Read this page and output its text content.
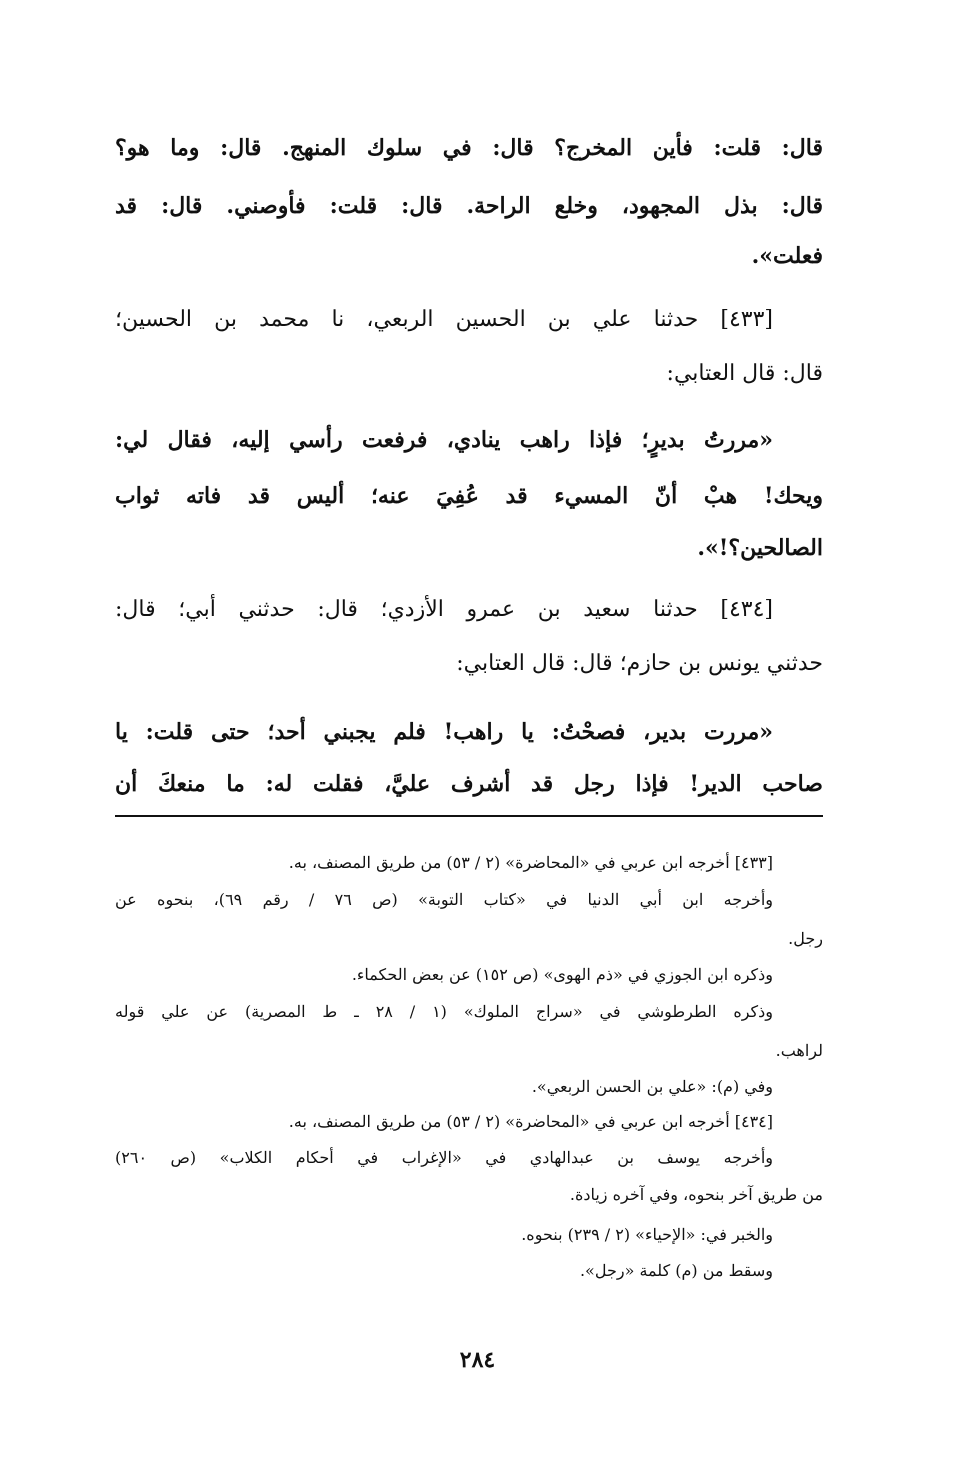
قال: قلت: فأين المخرج؟ قال: في سلوك المنهج. قال: وما هو؟
قال: بذل المجهود، وخلع الراحة. قال: قلت: فأوصني. قال: قد
فعلت».
[٤٣٣] حدثنا علي بن الحسين الربعي، نا محمد بن الحسين؛
قال: قال العتابي:
«مررتُ بديرٍ؛ فإذا راهب ينادي، فرفعت رأسي إليه، فقال لي:
ويحك! هبْ أنّ المسيء قد عُفِيَ عنه؛ أليس قد فاته ثواب
الصالحين؟!».
[٤٣٤] حدثنا سعيد بن عمرو الأزدي؛ قال: حدثني أبي؛ قال:
حدثني يونس بن حازم؛ قال: قال العتابي:
«مررت بدير، فصحْتُ: يا راهب! فلم يجبني أحد؛ حتى قلت: يا
صاحب الدير! فإذا رجل قد أشرف عليَّ، فقلت له: ما منعكَ أن
[٤٣٣] أخرجه ابن عربي في «المحاضرة» (٢ / ٥٣) من طريق المصنف، به.
وأخرجه ابن أبي الدنيا في «كتاب التوبة» (ص ٧٦ / رقم ٦٩)، بنحوه عن
رجل.
وذكره ابن الجوزي في «ذم الهوى» (ص ١٥٢) عن بعض الحكماء.
وذكره الطرطوشي في «سراج الملوك» (١ / ٢٨ ـ ط المصرية) عن علي قوله
لراهب.
وفي (م): «علي بن الحسن الربعي».
[٤٣٤] أخرجه ابن عربي في «المحاضرة» (٢ / ٥٣) من طريق المصنف، به.
وأخرجه يوسف بن عبدالهادي في «الإغراب في أحكام الكلاب» (ص ٢٦٠)
من طريق آخر بنحوه، وفي آخره زيادة.
والخبر في: «الإحياء» (٢ / ٢٣٩) بنحوه.
وسقط من (م) كلمة «رجل».
٢٨٤
